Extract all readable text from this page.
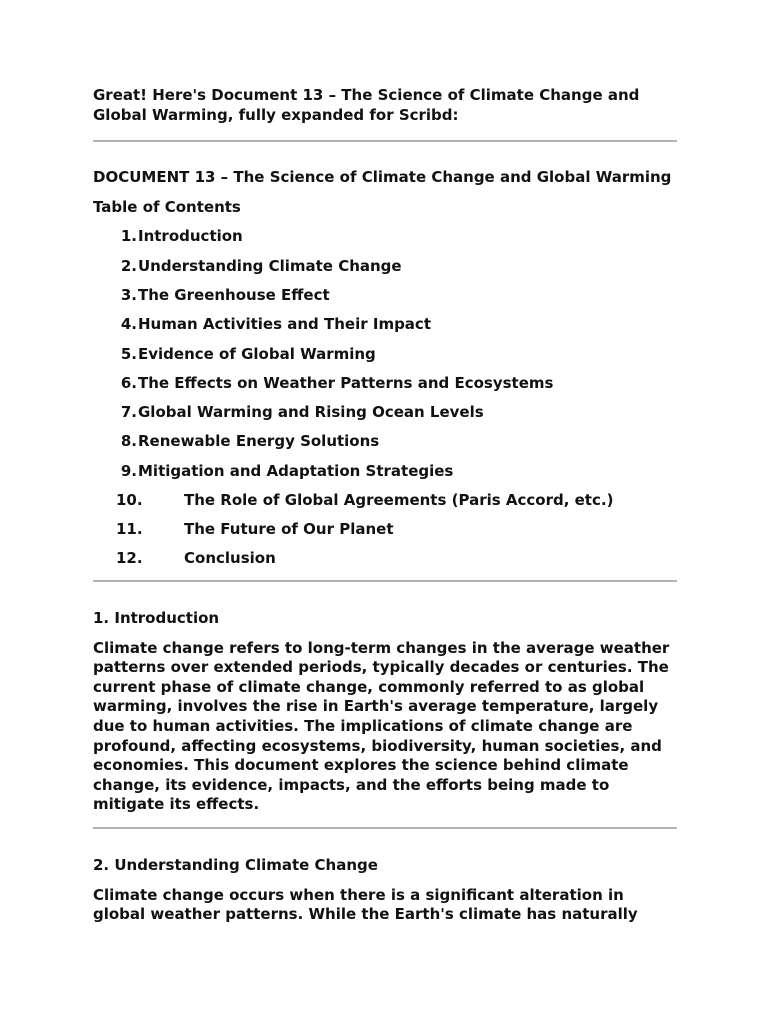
Great! Here's Document 13 – The Science of Climate Change and Global Warming, fully expanded for Scribd:

DOCUMENT 13 – The Science of Climate Change and Global Warming

Table of Contents

1. Introduction
2. Understanding Climate Change
3. The Greenhouse Effect
4. Human Activities and Their Impact
5. Evidence of Global Warming
6. The Effects on Weather Patterns and Ecosystems
7. Global Warming and Rising Ocean Levels
8. Renewable Energy Solutions
9. Mitigation and Adaptation Strategies
10.	The Role of Global Agreements (Paris Accord, etc.)
11.	The Future of Our Planet
12.	Conclusion

1. Introduction

Climate change refers to long-term changes in the average weather patterns over extended periods, typically decades or centuries. The current phase of climate change, commonly referred to as global warming, involves the rise in Earth's average temperature, largely due to human activities. The implications of climate change are profound, affecting ecosystems, biodiversity, human societies, and economies. This document explores the science behind climate change, its evidence, impacts, and the efforts being made to mitigate its effects.

2. Understanding Climate Change

Climate change occurs when there is a significant alteration in global weather patterns. While the Earth's climate has naturally
